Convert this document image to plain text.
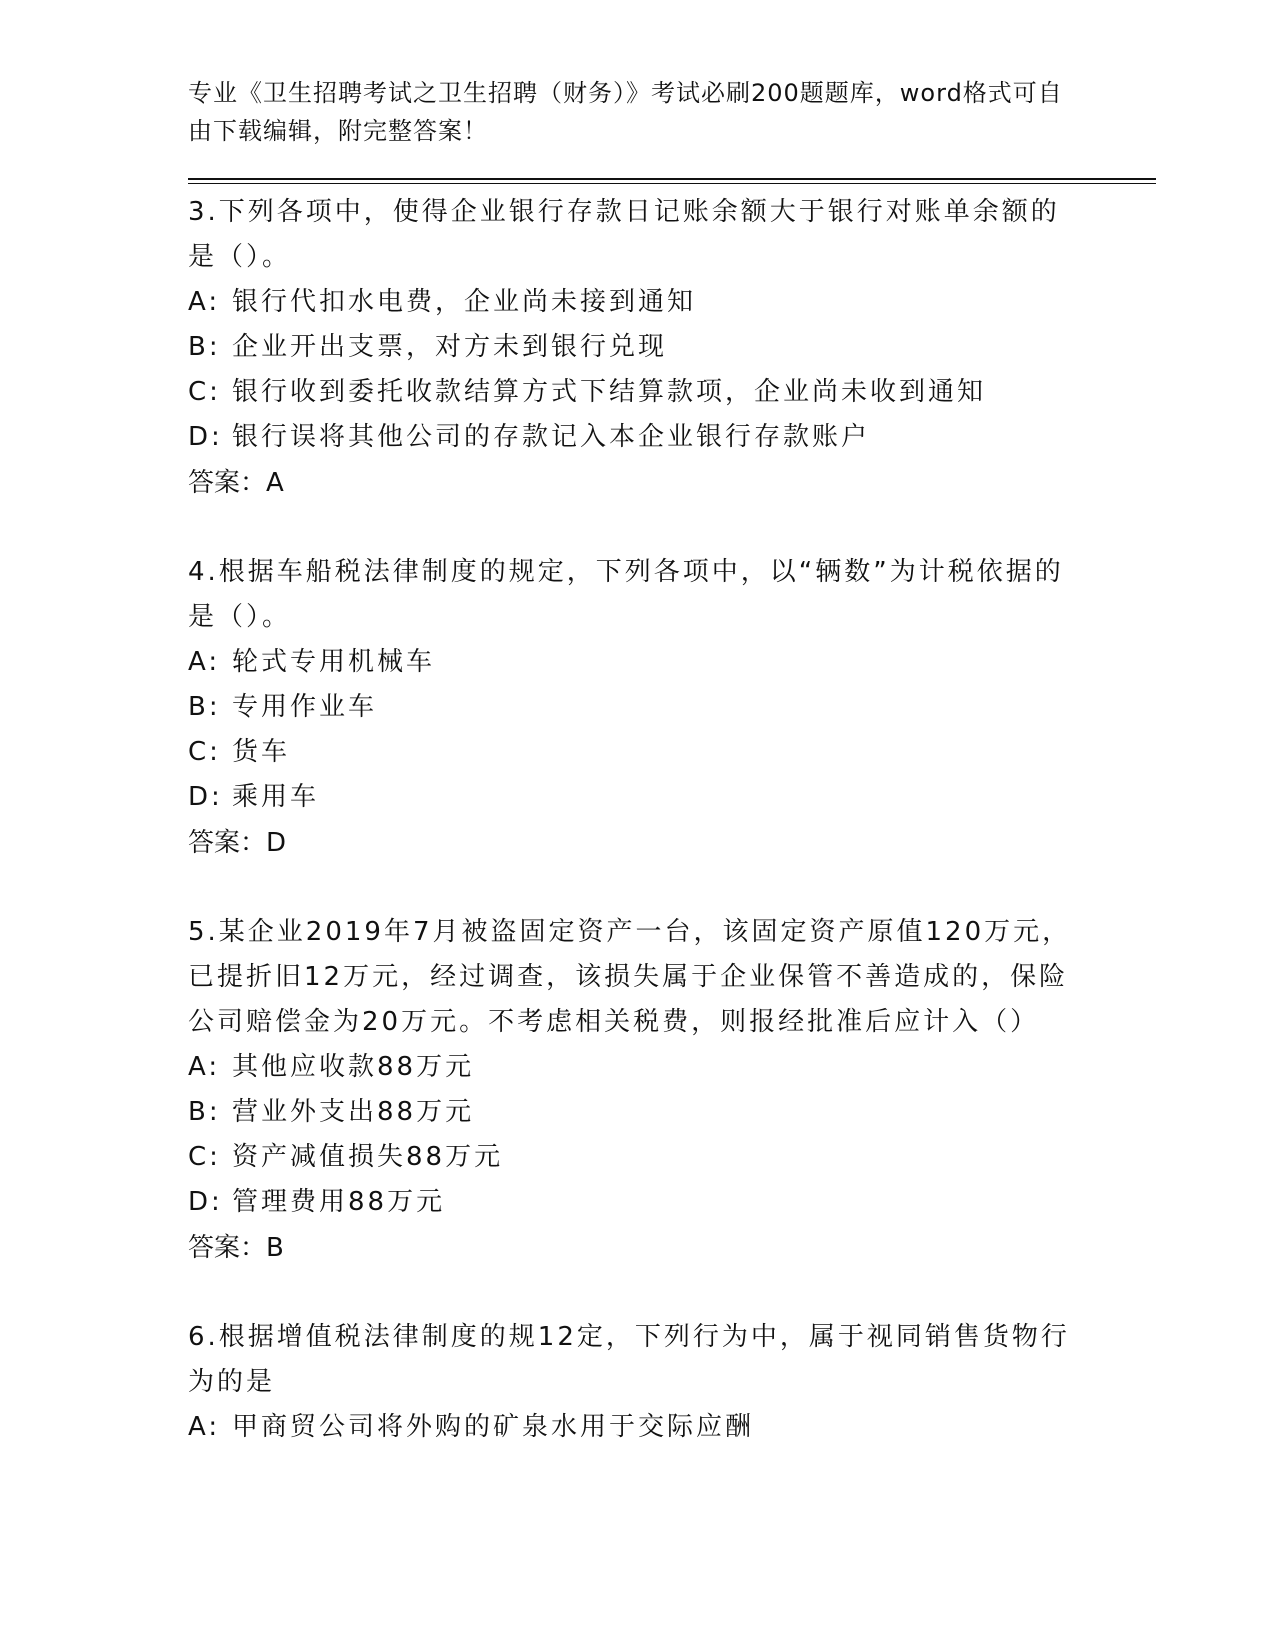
专业《卫生招聘考试之卫生招聘（财务）》考试必刷200题题库，word格式可自由下载编辑，附完整答案！

3.下列各项中，使得企业银行存款日记账余额大于银行对账单余额的是（）。

A: 银行代扣水电费，企业尚未接到通知

B: 企业开出支票，对方未到银行兑现

C: 银行收到委托收款结算方式下结算款项，企业尚未收到通知

D: 银行误将其他公司的存款记入本企业银行存款账户

答案：A

4.根据车船税法律制度的规定，下列各项中，以“辆数”为计税依据的是（）。

A: 轮式专用机械车

B: 专用作业车

C: 货车

D: 乘用车

答案：D

5.某企业2019年7月被盗固定资产一台，该固定资产原值120万元，已提折旧12万元，经过调查，该损失属于企业保管不善造成的，保险公司赔偿金为20万元。不考虑相关税费，则报经批准后应计入（）

A: 其他应收款88万元

B: 营业外支出88万元

C: 资产减值损失88万元

D: 管理费用88万元

答案：B

6.根据增值税法律制度的规12定，下列行为中，属于视同销售货物行为的是

A: 甲商贸公司将外购的矿泉水用于交际应酬
